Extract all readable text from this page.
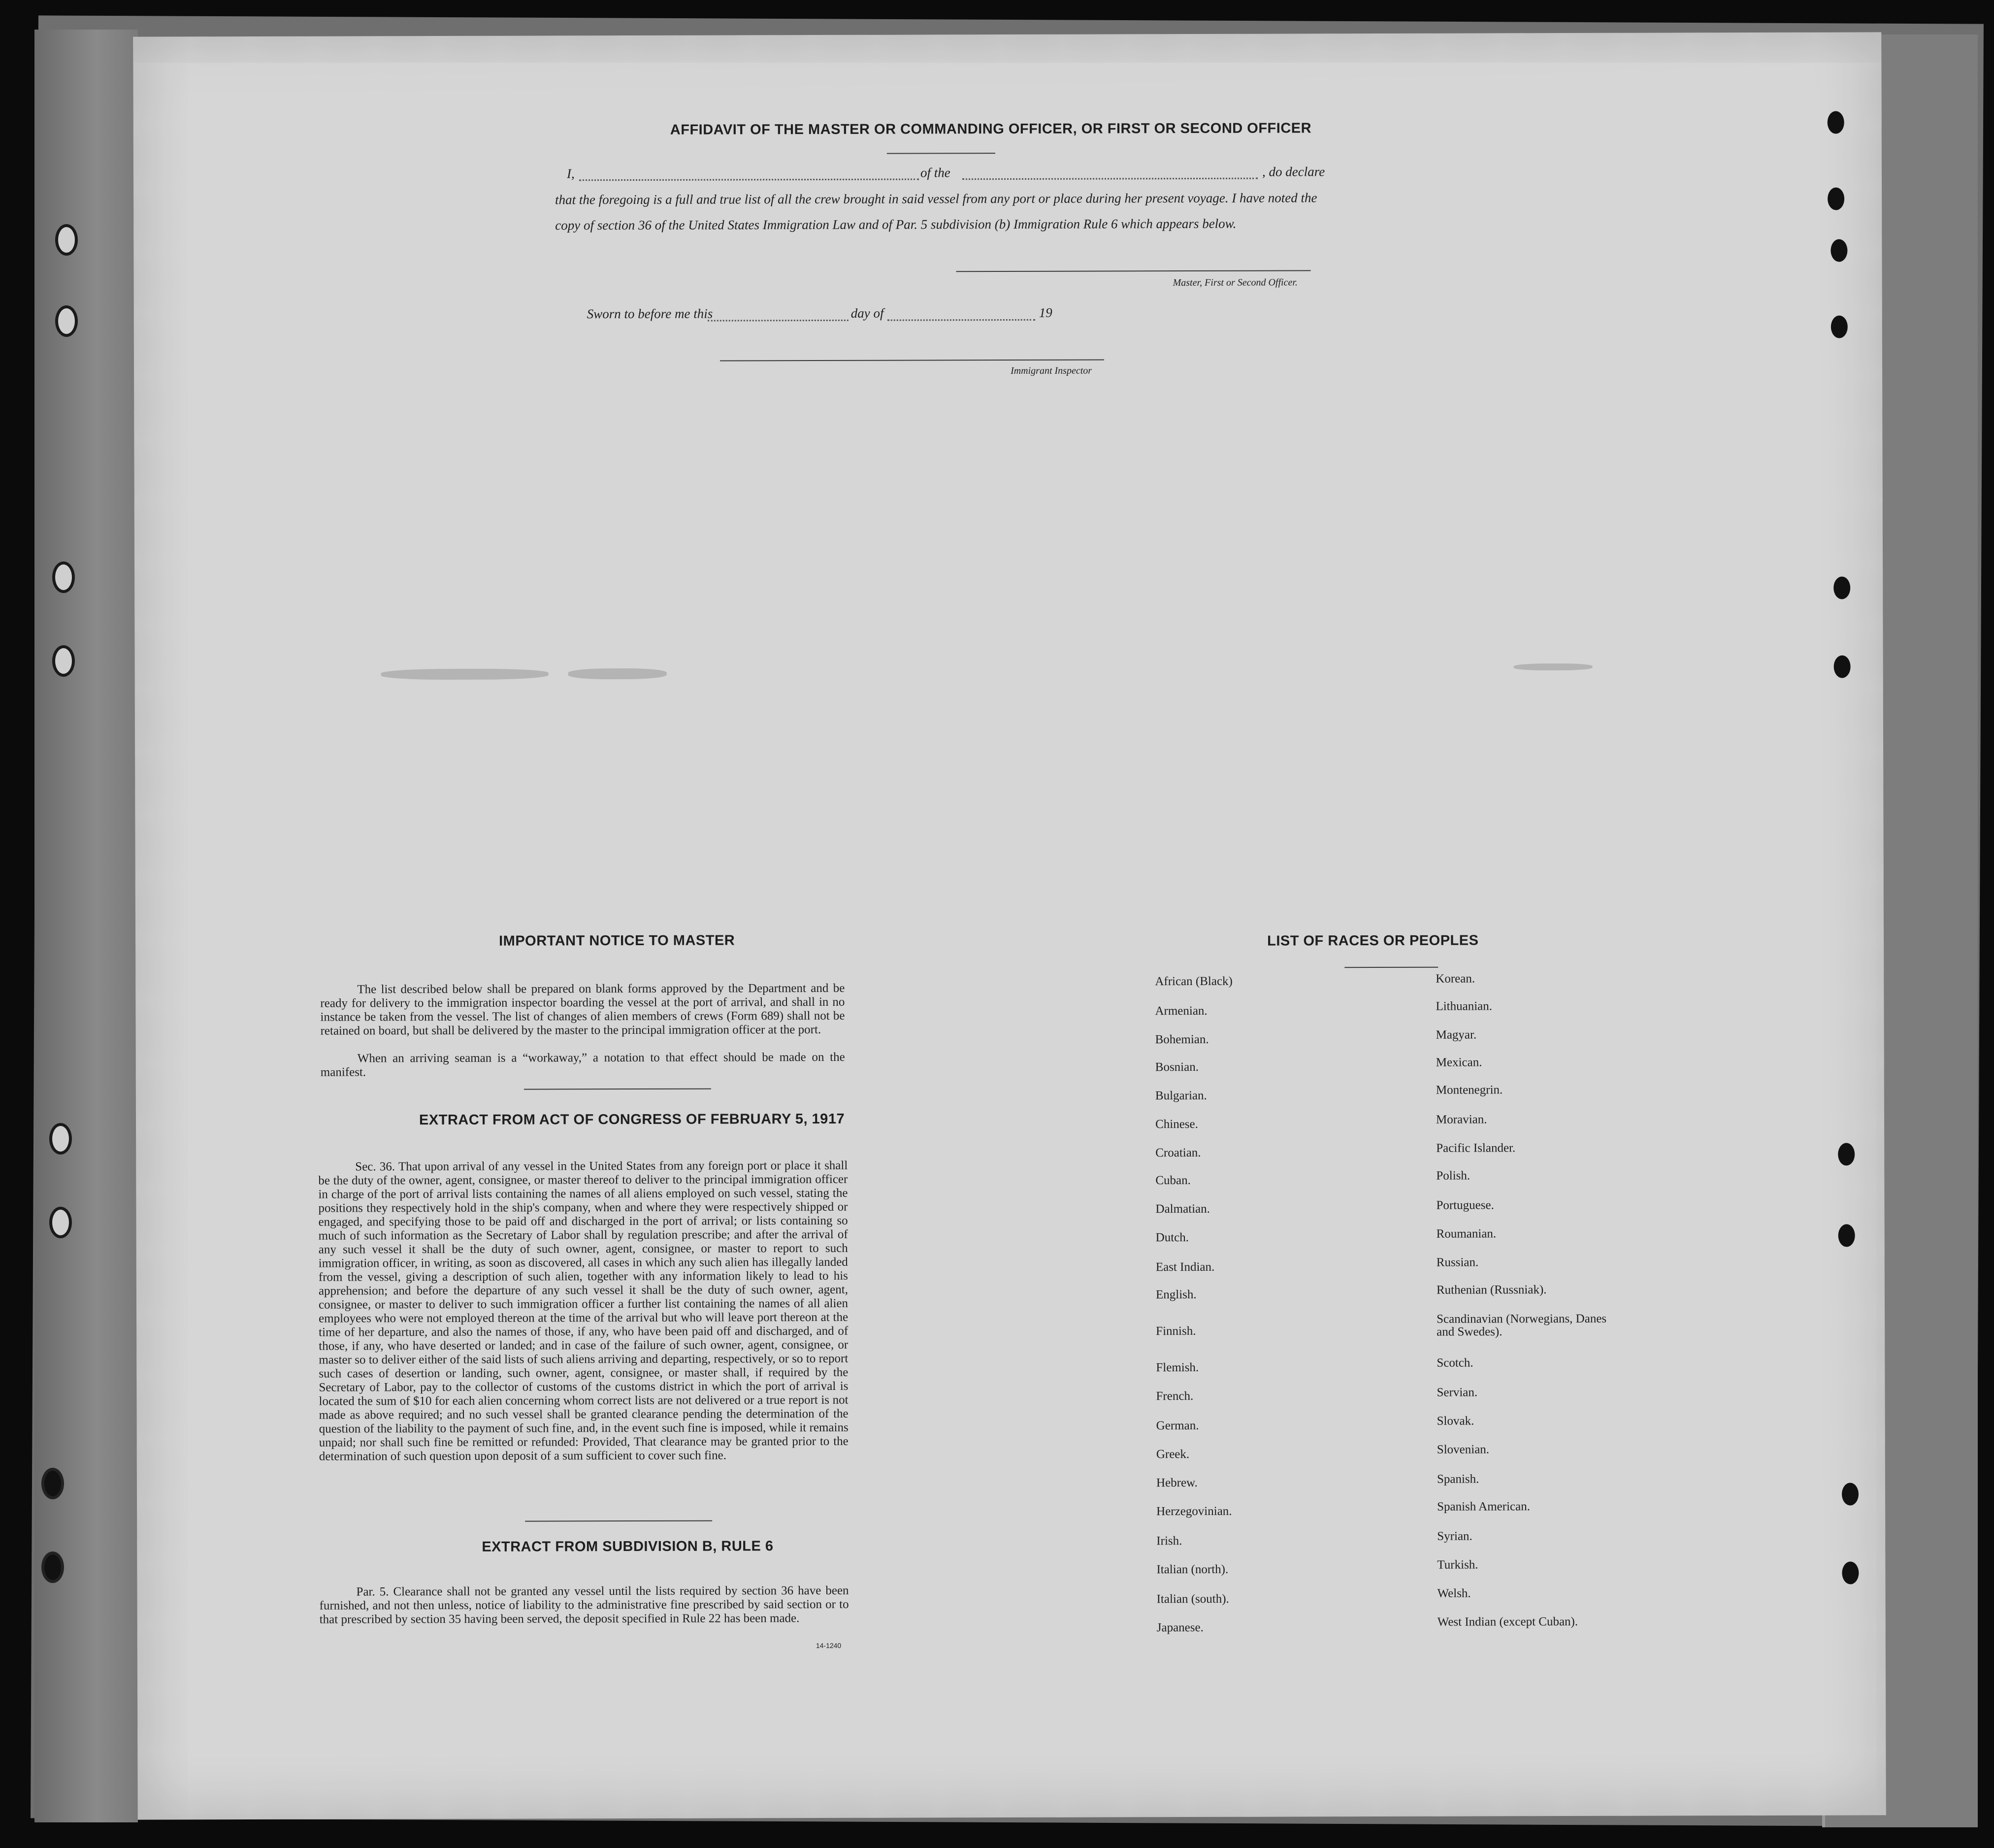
AFFIDAVIT OF THE MASTER OR COMMANDING OFFICER, OR FIRST OR SECOND OFFICER
I,	of the	, do declare
that the foregoing is a full and true list of all the crew brought in said vessel from any port or place during her present voyage. I have noted the
copy of section 36 of the United States Immigration Law and of Par. 5 subdivision (b) Immigration Rule 6 which appears below.
Master, First or Second Officer.
Sworn to before me this	day of	19
Immigrant Inspector
IMPORTANT NOTICE TO MASTER
The list described below shall be prepared on blank forms approved by the Department and be ready for delivery to the immigration inspector boarding the vessel at the port of arrival, and shall in no instance be taken from the vessel. The list of changes of alien members of crews (Form 689) shall not be retained on board, but shall be delivered by the master to the principal immigration officer at the port.
When an arriving seaman is a “workaway,” a notation to that effect should be made on the manifest.
EXTRACT FROM ACT OF CONGRESS OF FEBRUARY 5, 1917
Sec. 36. That upon arrival of any vessel in the United States from any foreign port or place it shall be the duty of the owner, agent, consignee, or master thereof to deliver to the principal immigration officer in charge of the port of arrival lists containing the names of all aliens employed on such vessel, stating the positions they respectively hold in the ship's company, when and where they were respectively shipped or engaged, and specifying those to be paid off and discharged in the port of arrival; or lists containing so much of such information as the Secretary of Labor shall by regulation prescribe; and after the arrival of any such vessel it shall be the duty of such owner, agent, consignee, or master to report to such immigration officer, in writing, as soon as discovered, all cases in which any such alien has illegally landed from the vessel, giving a description of such alien, together with any information likely to lead to his apprehension; and before the departure of any such vessel it shall be the duty of such owner, agent, consignee, or master to deliver to such immigration officer a further list containing the names of all alien employees who were not employed thereon at the time of the arrival but who will leave port thereon at the time of her departure, and also the names of those, if any, who have been paid off and discharged, and of those, if any, who have deserted or landed; and in case of the failure of such owner, agent, consignee, or master so to deliver either of the said lists of such aliens arriving and departing, respectively, or so to report such cases of desertion or landing, such owner, agent, consignee, or master shall, if required by the Secretary of Labor, pay to the collector of customs of the customs district in which the port of arrival is located the sum of $10 for each alien concerning whom correct lists are not delivered or a true report is not made as above required; and no such vessel shall be granted clearance pending the determination of the question of the liability to the payment of such fine, and, in the event such fine is imposed, while it remains unpaid; nor shall such fine be remitted or refunded: Provided, That clearance may be granted prior to the determination of such question upon deposit of a sum sufficient to cover such fine.
EXTRACT FROM SUBDIVISION B, RULE 6
Par. 5. Clearance shall not be granted any vessel until the lists required by section 36 have been furnished, and not then unless, notice of liability to the administrative fine prescribed by said section or to that prescribed by section 35 having been served, the deposit specified in Rule 22 has been made.
14-1240
LIST OF RACES OR PEOPLES
African (Black)
Armenian.
Bohemian.
Bosnian.
Bulgarian.
Chinese.
Croatian.
Cuban.
Dalmatian.
Dutch.
East Indian.
English.
Finnish.
Flemish.
French.
German.
Greek.
Hebrew.
Herzegovinian.
Irish.
Italian (north).
Italian (south).
Japanese.
Korean.
Lithuanian.
Magyar.
Mexican.
Montenegrin.
Moravian.
Pacific Islander.
Polish.
Portuguese.
Roumanian.
Russian.
Ruthenian (Russniak).
Scandinavian (Norwegians, Danes and Swedes).
Scotch.
Servian.
Slovak.
Slovenian.
Spanish.
Spanish American.
Syrian.
Turkish.
Welsh.
West Indian (except Cuban).
